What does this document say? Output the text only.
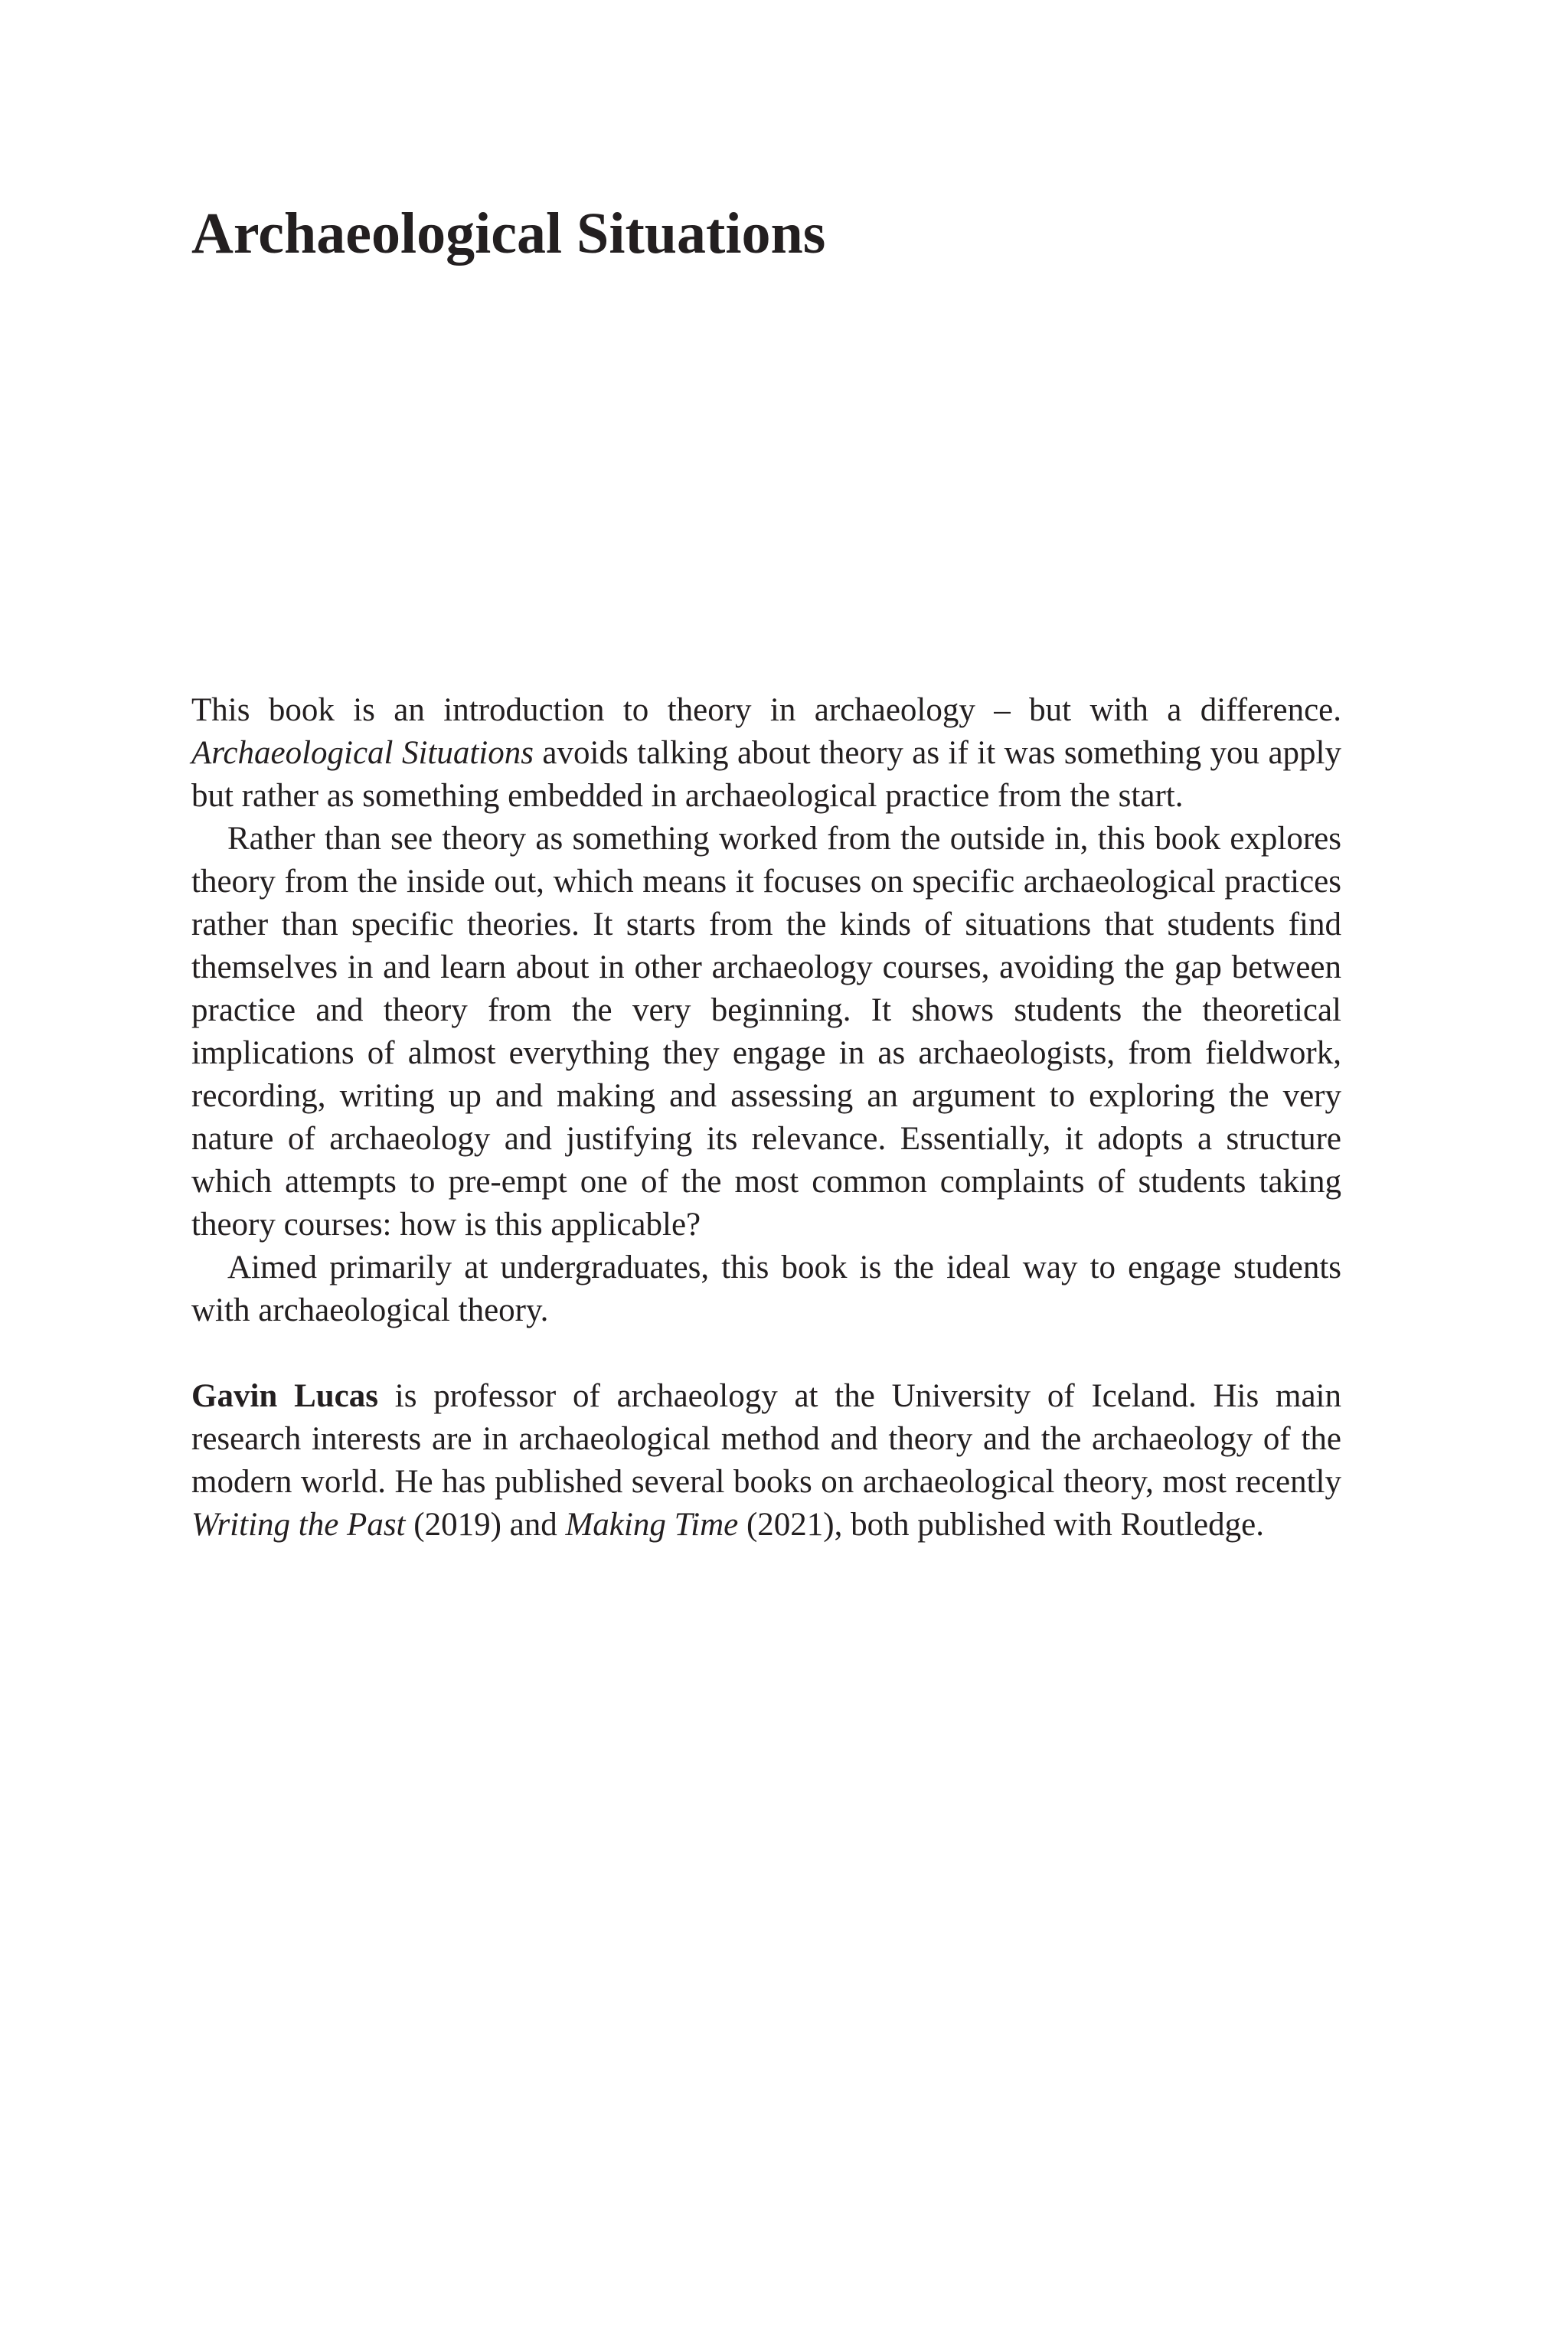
Archaeological Situations

This book is an introduction to theory in archaeology – but with a difference. Archaeological Situations avoids talking about theory as if it was something you apply but rather as something embedded in archaeological practice from the start.

Rather than see theory as something worked from the outside in, this book explores theory from the inside out, which means it focuses on specific archaeological practices rather than specific theories. It starts from the kinds of situations that students find themselves in and learn about in other archaeology courses, avoiding the gap between practice and theory from the very beginning. It shows students the theoretical implications of almost everything they engage in as archaeologists, from fieldwork, recording, writing up and making and assessing an argument to exploring the very nature of archaeology and justifying its relevance. Essentially, it adopts a structure which attempts to pre-empt one of the most common complaints of students taking theory courses: how is this applicable?

Aimed primarily at undergraduates, this book is the ideal way to engage students with archaeological theory.

Gavin Lucas is professor of archaeology at the University of Iceland. His main research interests are in archaeological method and theory and the archaeology of the modern world. He has published several books on archaeological theory, most recently Writing the Past (2019) and Making Time (2021), both published with Routledge.
